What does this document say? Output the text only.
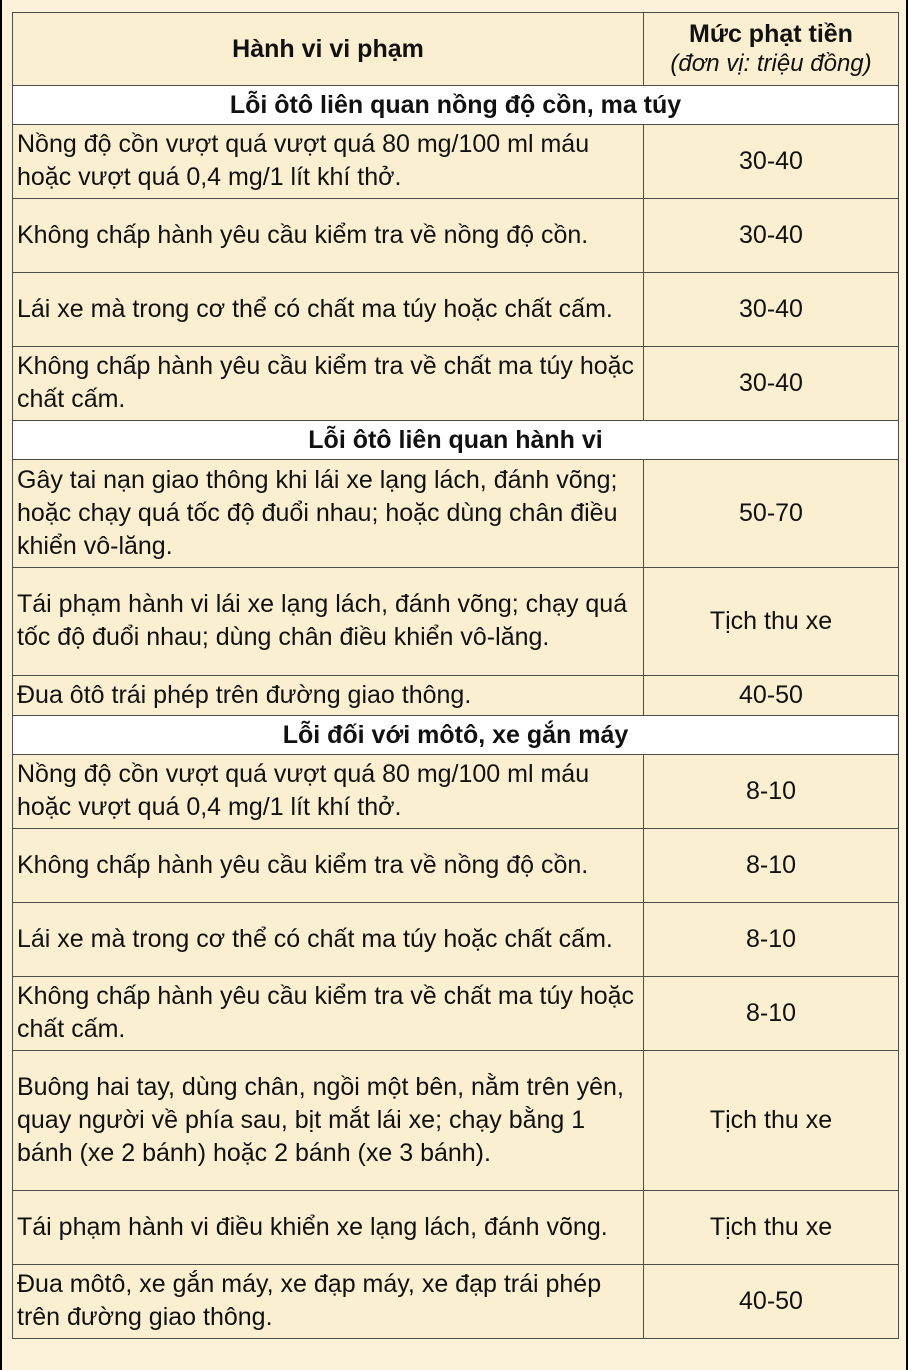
Hành vi vi phạm	Mức phạt tiền
(đơn vị: triệu đồng)

Lỗi ôtô liên quan nồng độ cồn, ma túy	
Nồng độ cồn vượt quá vượt quá 80 mg/100 ml máu hoặc vượt quá 0,4 mg/1 lít khí thở.	30-40
Không chấp hành yêu cầu kiểm tra về nồng độ cồn.	30-40
Lái xe mà trong cơ thể có chất ma túy hoặc chất cấm.	30-40
Không chấp hành yêu cầu kiểm tra về chất ma túy hoặc chất cấm.	30-40
Lỗi ôtô liên quan hành vi	
Gây tai nạn giao thông khi lái xe lạng lách, đánh võng; hoặc chạy quá tốc độ đuổi nhau; hoặc dùng chân điều khiển vô-lăng.	50-70
Tái phạm hành vi lái xe lạng lách, đánh võng; chạy quá tốc độ đuổi nhau; dùng chân điều khiển vô-lăng.	Tịch thu xe
Đua ôtô trái phép trên đường giao thông.	40-50
Lỗi đối với môtô, xe gắn máy	
Nồng độ cồn vượt quá vượt quá 80 mg/100 ml máu hoặc vượt quá 0,4 mg/1 lít khí thở.	8-10
Không chấp hành yêu cầu kiểm tra về nồng độ cồn.	8-10
Lái xe mà trong cơ thể có chất ma túy hoặc chất cấm.	8-10
Không chấp hành yêu cầu kiểm tra về chất ma túy hoặc chất cấm.	8-10
Buông hai tay, dùng chân, ngồi một bên, nằm trên yên, quay người về phía sau, bịt mắt lái xe; chạy bằng 1 bánh (xe 2 bánh) hoặc 2 bánh (xe 3 bánh).	Tịch thu xe
Tái phạm hành vi điều khiển xe lạng lách, đánh võng.	Tịch thu xe
Đua môtô, xe gắn máy, xe đạp máy, xe đạp trái phép trên đường giao thông.	40-50
